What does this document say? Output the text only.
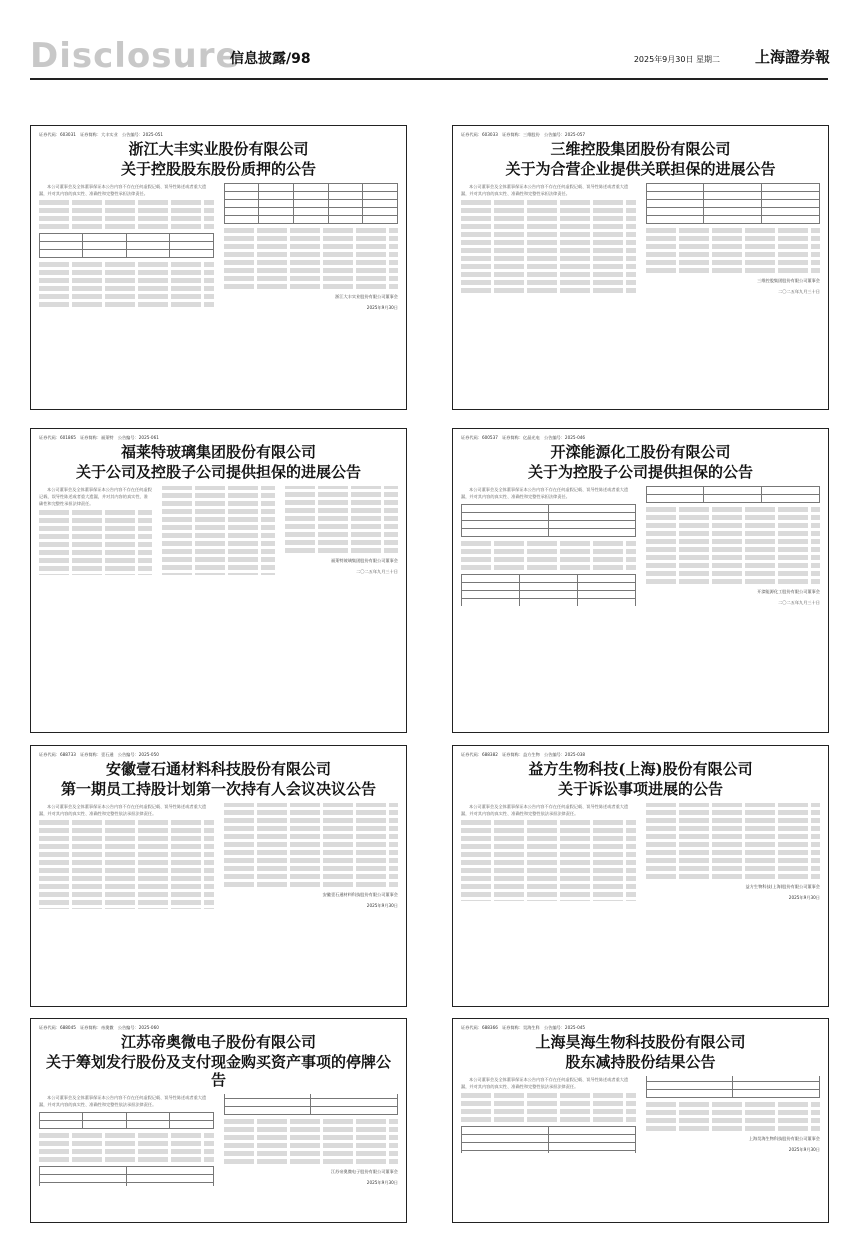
Disclosure
信息披露/98	2025年9月30日 星期二 上海證券報
证券代码：603031　证券简称：大丰实业　公告编号：2025-051
浙江大丰实业股份有限公司
关于控股股东股份质押的公告

本公司董事会及全体董事保证本公告内容不存在任何虚假记载、误导性陈述或者重大遗漏，并对其内容的真实性、准确性和完整性承担法律责任。

浙江大丰实业股份有限公司董事会
2025年9月30日
证券代码：603033　证券简称：三维股份　公告编号：2025-057
三维控股集团股份有限公司
关于为合营企业提供关联担保的进展公告

本公司董事会及全体董事保证本公告内容不存在任何虚假记载、误导性陈述或者重大遗漏，并对其内容的真实性、准确性和完整性承担法律责任。

三维控股集团股份有限公司董事会
二〇二五年九月三十日
证券代码：601865　证券简称：福莱特　公告编号：2025-061
福莱特玻璃集团股份有限公司
关于公司及控股子公司提供担保的进展公告

本公司董事会及全体董事保证本公告内容不存在任何虚假记载、误导性陈述或者重大遗漏，并对其内容的真实性、准确性和完整性承担法律责任。

福莱特玻璃集团股份有限公司董事会
二〇二五年九月三十日
证券代码：600537　证券简称：亿晶光电　公告编号：2025-046
开滦能源化工股份有限公司
关于为控股子公司提供担保的公告

本公司董事会及全体董事保证本公告内容不存在任何虚假记载、误导性陈述或者重大遗漏，并对其内容的真实性、准确性和完整性承担法律责任。

开滦能源化工股份有限公司董事会
二〇二五年九月三十日
证券代码：688733　证券简称：壹石通　公告编号：2025-050
安徽壹石通材料科技股份有限公司
第一期员工持股计划第一次持有人会议决议公告

本公司董事会及全体董事保证本公告内容不存在任何虚假记载、误导性陈述或者重大遗漏，并对其内容的真实性、准确性和完整性依法承担法律责任。

安徽壹石通材料科技股份有限公司董事会
2025年9月30日
证券代码：688382　证券简称：益方生物　公告编号：2025-038
益方生物科技(上海)股份有限公司
关于诉讼事项进展的公告

本公司董事会及全体董事保证本公告内容不存在任何虚假记载、误导性陈述或者重大遗漏，并对其内容的真实性、准确性和完整性依法承担法律责任。

益方生物科技(上海)股份有限公司董事会
2025年9月30日
证券代码：688045　证券简称：帝奥微　公告编号：2025-060
江苏帝奥微电子股份有限公司
关于筹划发行股份及支付现金购买资产事项的停牌公告

本公司董事会及全体董事保证本公告内容不存在任何虚假记载、误导性陈述或者重大遗漏，并对其内容的真实性、准确性和完整性依法承担法律责任。

江苏帝奥微电子股份有限公司董事会
2025年9月30日
证券代码：688366　证券简称：昊海生科　公告编号：2025-045
上海昊海生物科技股份有限公司
股东减持股份结果公告

本公司董事会及全体董事保证本公告内容不存在任何虚假记载、误导性陈述或者重大遗漏，并对其内容的真实性、准确性和完整性依法承担法律责任。

上海昊海生物科技股份有限公司董事会
2025年9月30日
